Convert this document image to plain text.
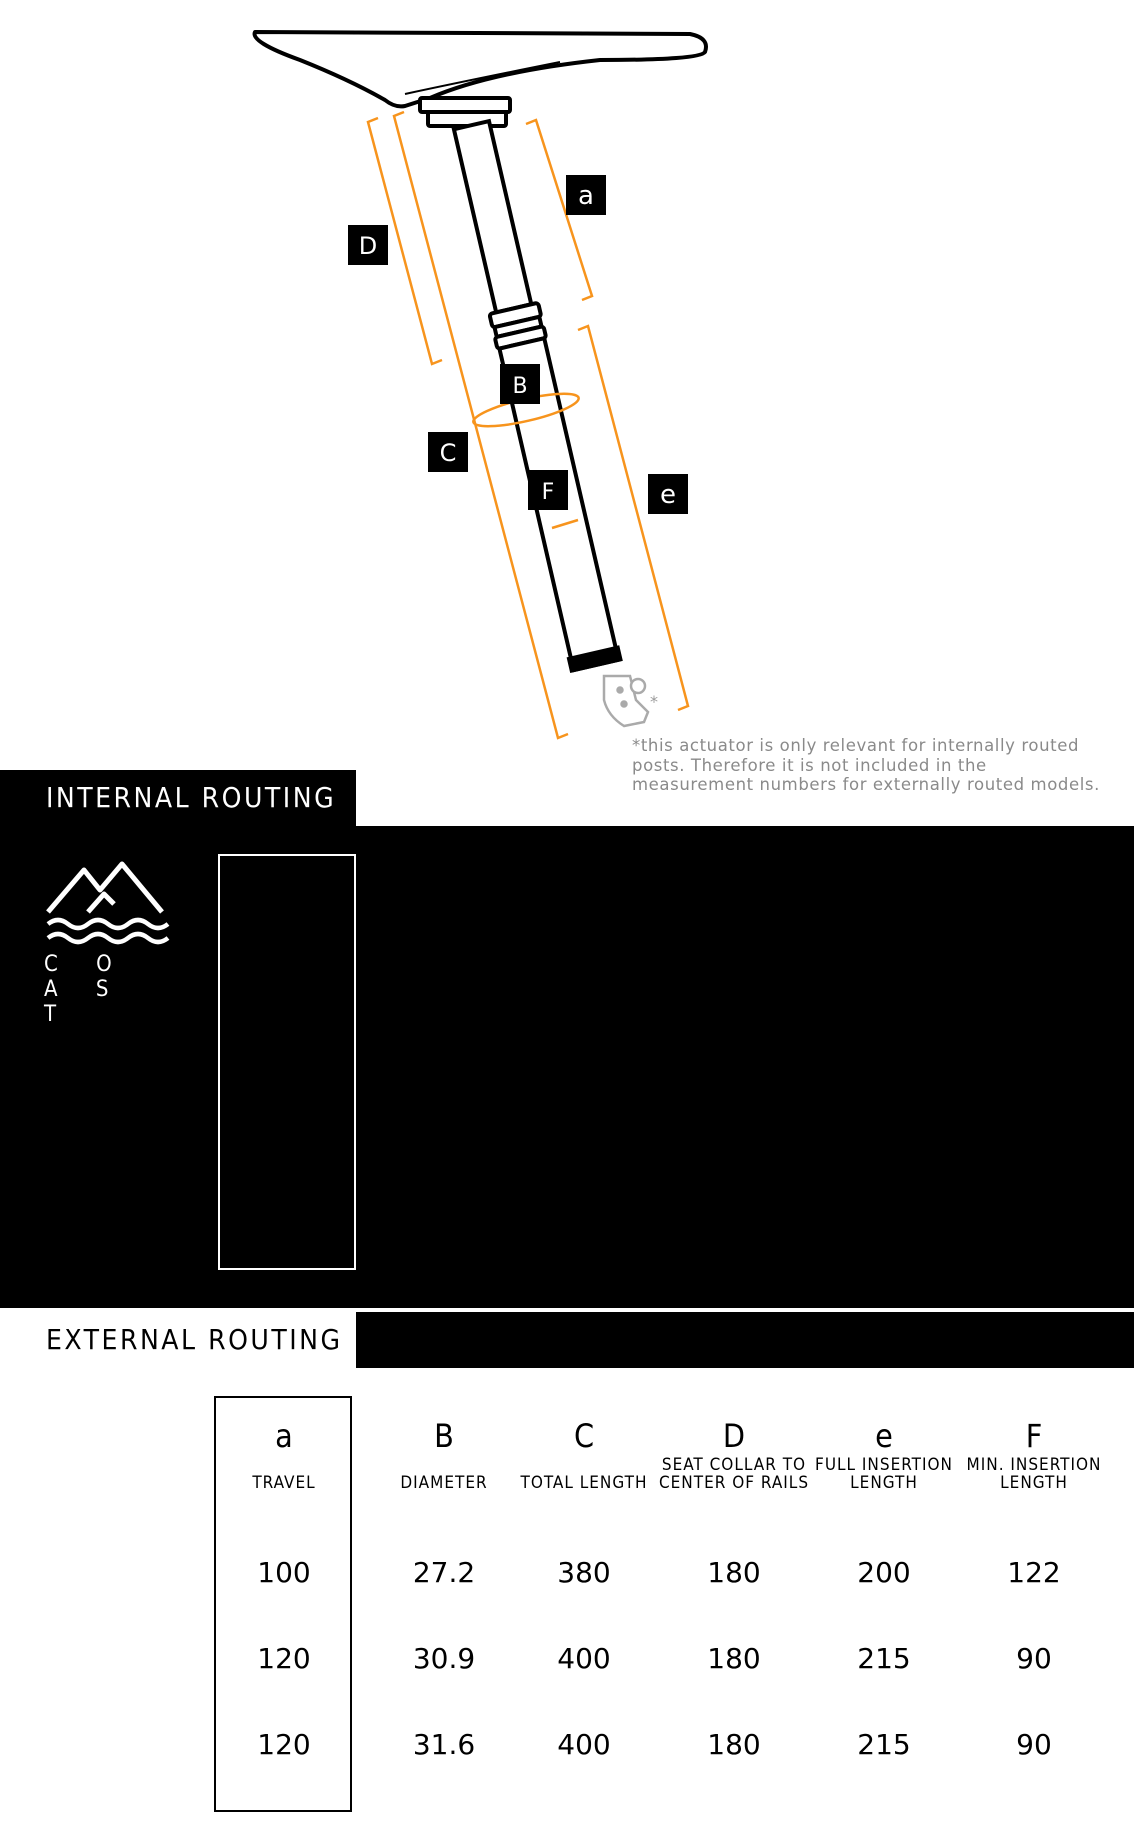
*
a
D
B
C
F	e
*this actuator is only relevant for internally routed posts. Therefore it is not included in the measurement numbers for externally routed models.
INTERNAL ROUTING
C O A S T
a
TRAVEL
100
120
120
B
DIAMETER
27.2
30.9
31.6
C
TOTAL LENGTH
385
400
400
D
SEAT COLLAR TO CENTER OF RAILS
170
175
175
e
FULL INSERTION LENGTH
215
225
225
F
MIN. INSERTION LENGTH
145
100
100
EXTERNAL ROUTING
a
TRAVEL
100
120
120
B
DIAMETER
27.2
30.9
31.6
C
TOTAL LENGTH
380
400
400
D
SEAT COLLAR TO CENTER OF RAILS
180
180
180
e
FULL INSERTION LENGTH
200
215
215
F
MIN. INSERTION LENGTH
122
90
90
